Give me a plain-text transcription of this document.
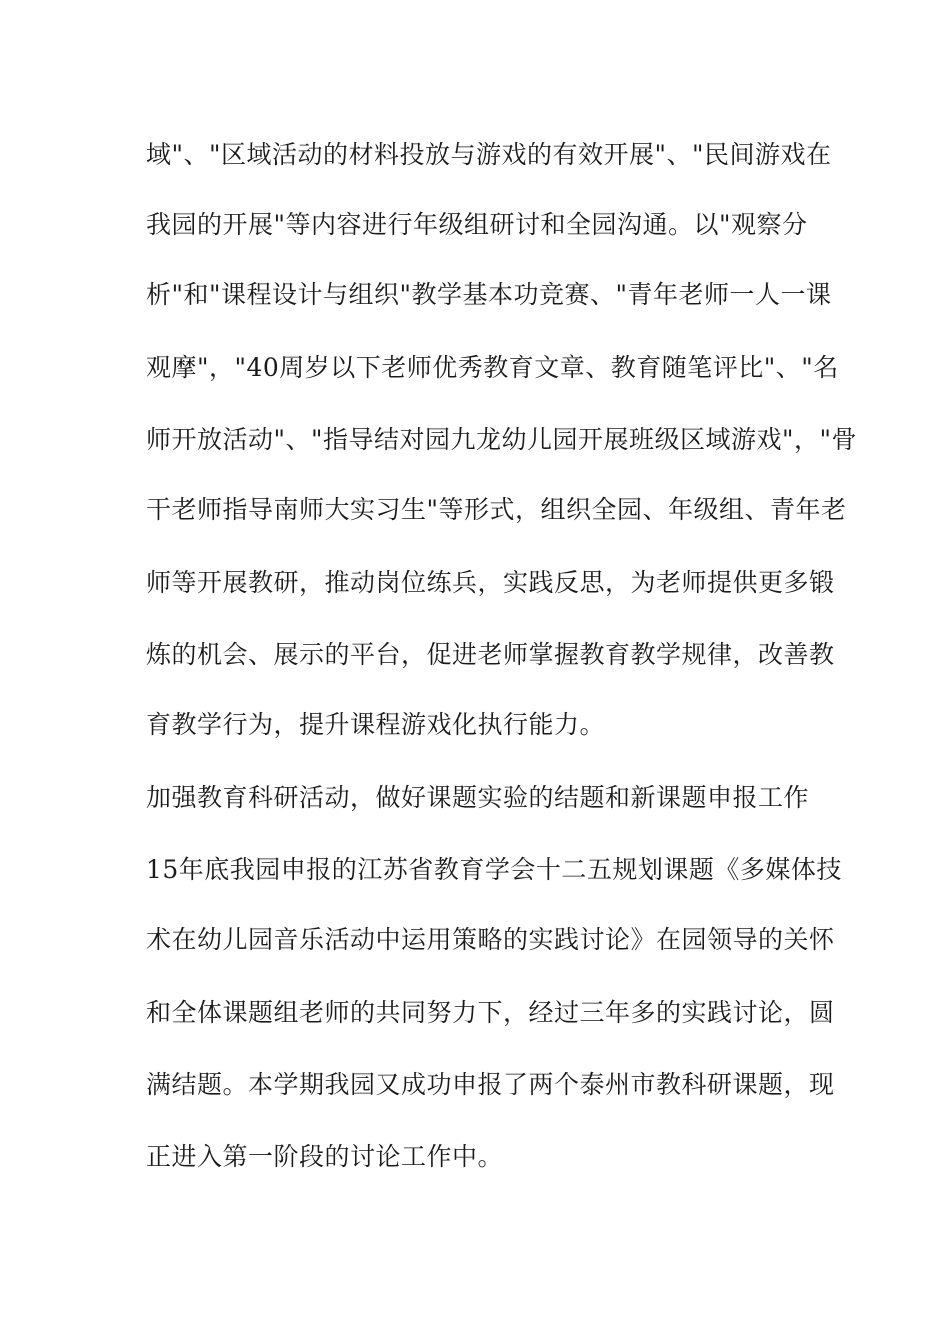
域"、"区域活动的材料投放与游戏的有效开展"、"民间游戏在
我园的开展"等内容进行年级组研讨和全园沟通。以"观察分
析"和"课程设计与组织"教学基本功竞赛、"青年老师一人一课
观摩"，"40周岁以下老师优秀教育文章、教育随笔评比"、"名
师开放活动"、"指导结对园九龙幼儿园开展班级区域游戏"，"骨
干老师指导南师大实习生"等形式，组织全园、年级组、青年老
师等开展教研，推动岗位练兵，实践反思，为老师提供更多锻
炼的机会、展示的平台，促进老师掌握教育教学规律，改善教
育教学行为，提升课程游戏化执行能力。
加强教育科研活动，做好课题实验的结题和新课题申报工作
15年底我园申报的江苏省教育学会十二五规划课题《多媒体技
术在幼儿园音乐活动中运用策略的实践讨论》在园领导的关怀
和全体课题组老师的共同努力下，经过三年多的实践讨论，圆
满结题。本学期我园又成功申报了两个泰州市教科研课题，现
正进入第一阶段的讨论工作中。
